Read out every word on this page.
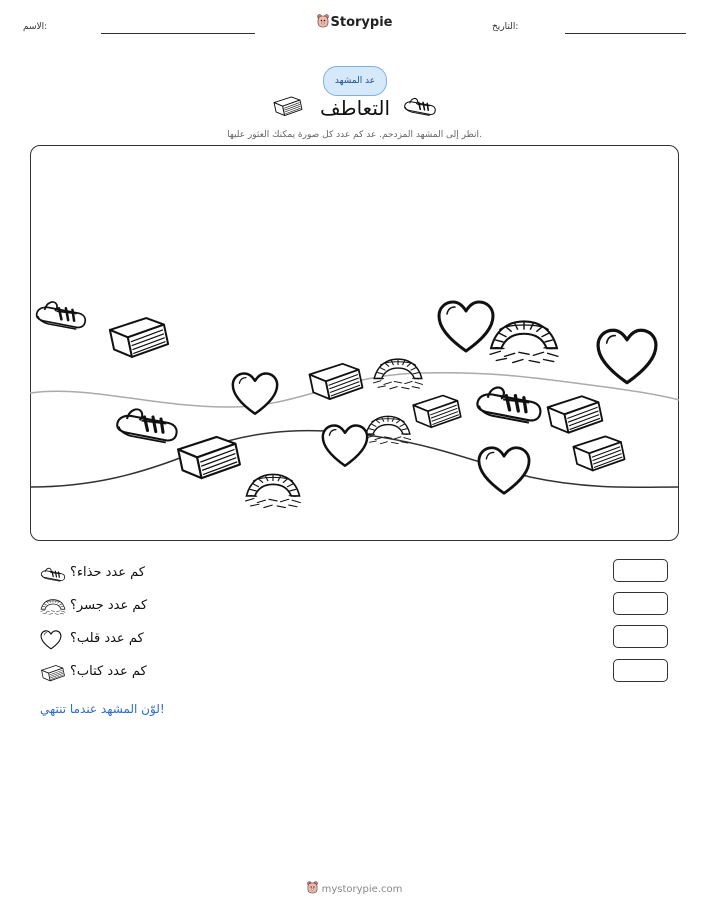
الاسم:	Storypie	التاريخ:
عد المشهد
التعاطف
انظر إلى المشهد المزدحم. عد كم عدد كل صورة يمكنك العثور عليها.
كم عدد حذاء؟
كم عدد جسر؟
كم عدد قلب؟
كم عدد كتاب؟
لوّن المشهد عندما تنتهي!
mystorypie.com
